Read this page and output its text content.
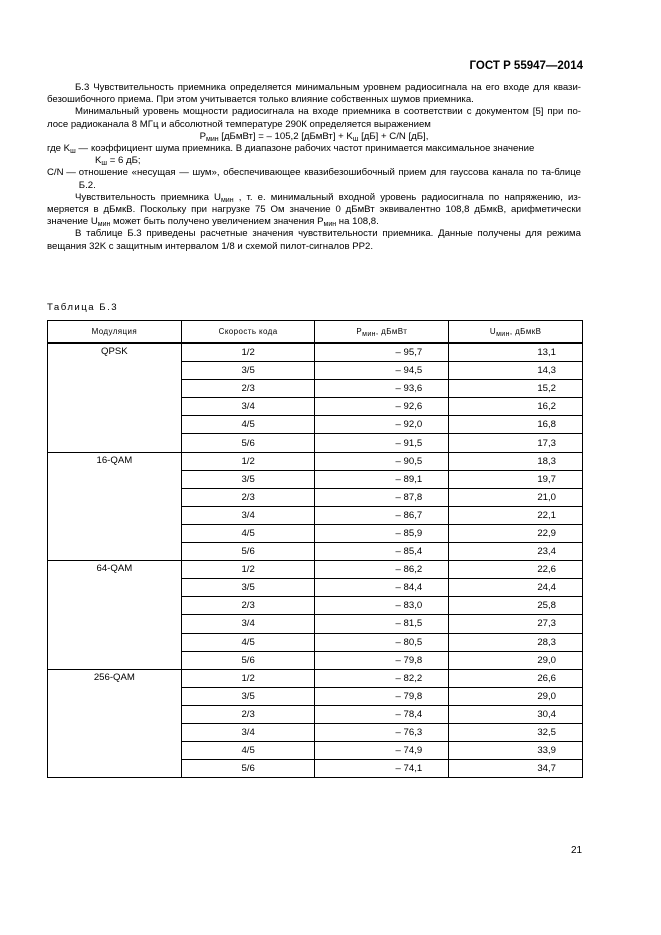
ГОСТ Р 55947—2014

Б.3 Чувствительность приемника определяется минимальным уровнем радиосигнала на его входе для квази-безошибочного приема. При этом учитывается только влияние собственных шумов приемника.

Минимальный уровень мощности радиосигнала на входе приемника в соответствии с документом [5] при по-лосе радиоканала 8 МГц и абсолютной температуре 290К определяется выражением

$P_{мин}$ [дБмВт] = – 105,2 [дБмВт] + $K_ш$ [дБ] + C/N [дБ],

где $K_ш$ — коэффициент шума приемника. В диапазоне рабочих частот принимается максимальное значение
$K_ш = 6$ дБ;
C/N — отношение «несущая — шум», обеспечивающее квазибезошибочный прием для гауссова канала по та-блице Б.2.

Чувствительность приемника $U_{мин}$ , т. е. минимальный входной уровень радиосигнала по напряжению, из-меряется в дБмкВ. Поскольку при нагрузке 75 Ом значение 0 дБмВт эквивалентно 108,8 дБмкВ, арифметически значение $U_{мин}$ может быть получено увеличением значения $P_{мин}$ на 108,8.

В таблице Б.3 приведены расчетные значения чувствительности приемника. Данные получены для режима вещания 32K с защитным интервалом 1/8 и схемой пилот-сигналов PP2.

Таблица Б.3
Модуляция	Скорость кода	$P_{мин}$, дБмВт	$U_{мин}$, дБмкВ
QPSK	1/2	– 95,7	13,1
	3/5	– 94,5	14,3
	2/3	– 93,6	15,2
	3/4	– 92,6	16,2
	4/5	– 92,0	16,8
	5/6	– 91,5	17,3
16-QAM	1/2	– 90,5	18,3
	3/5	– 89,1	19,7
	2/3	– 87,8	21,0
	3/4	– 86,7	22,1
	4/5	– 85,9	22,9
	5/6	– 85,4	23,4
64-QAM	1/2	– 86,2	22,6
	3/5	– 84,4	24,4
	2/3	– 83,0	25,8
	3/4	– 81,5	27,3
	4/5	– 80,5	28,3
	5/6	– 79,8	29,0
256-QAM	1/2	– 82,2	26,6
	3/5	– 79,8	29,0
	2/3	– 78,4	30,4
	3/4	– 76,3	32,5
	4/5	– 74,9	33,9
	5/6	– 74,1	34,7
21
